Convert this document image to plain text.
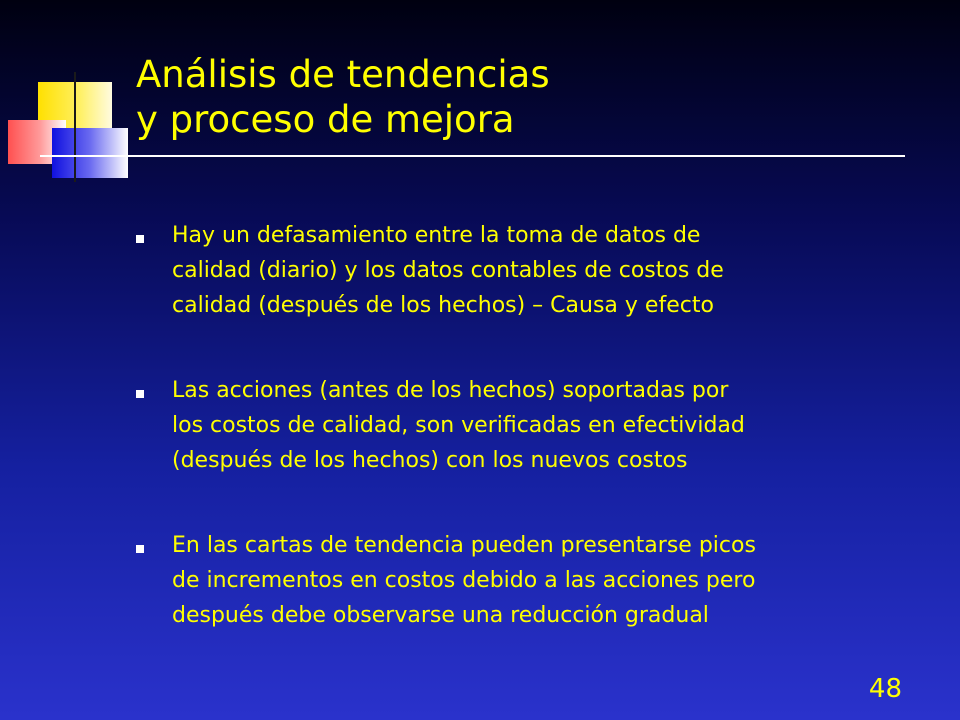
Análisis de tendencias
y proceso de mejora
Hay un defasamiento entre la toma de datos de
calidad (diario) y los datos contables de costos de
calidad (después de los hechos) – Causa y efecto
Las acciones (antes de los hechos) soportadas por
los costos de calidad, son verificadas en efectividad
(después de los hechos) con los nuevos costos
En las cartas de tendencia pueden presentarse picos
de incrementos en costos debido a las acciones pero
después debe observarse una reducción gradual
48
